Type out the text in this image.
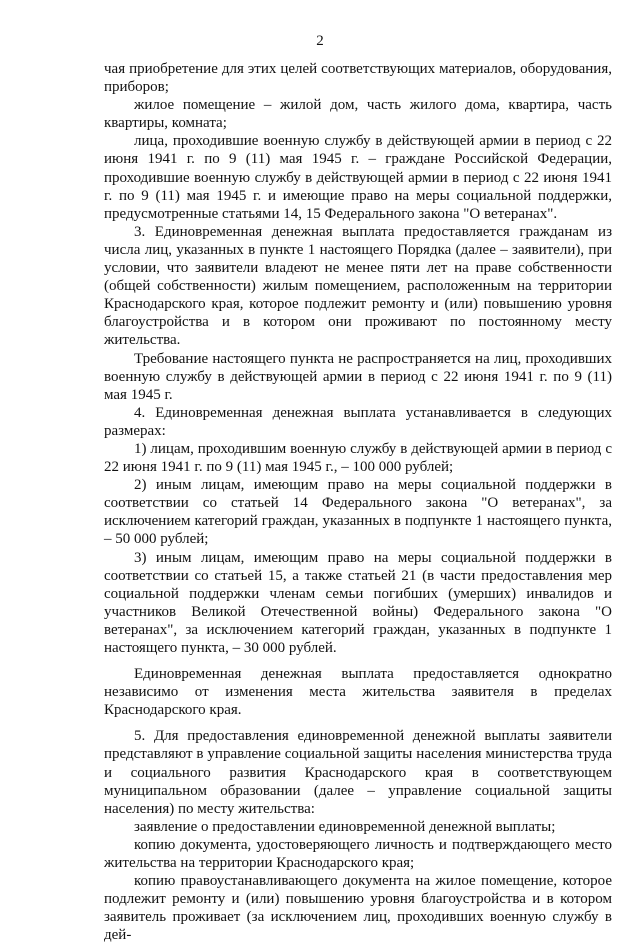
2

чая приобретение для этих целей соответствующих материалов, оборудования, приборов;

жилое помещение – жилой дом, часть жилого дома, квартира, часть квартиры, комната;

лица, проходившие военную службу в действующей армии в период с 22 июня 1941 г. по 9 (11) мая 1945 г. – граждане Российской Федерации, проходившие военную службу в действующей армии в период с 22 июня 1941 г. по 9 (11) мая 1945 г. и имеющие право на меры социальной поддержки, предусмотренные статьями 14, 15 Федерального закона "О ветеранах".

3. Единовременная денежная выплата предоставляется гражданам из числа лиц, указанных в пункте 1 настоящего Порядка (далее – заявители), при условии, что заявители владеют не менее пяти лет на праве собственности (общей собственности) жилым помещением, расположенным на территории Краснодарского края, которое подлежит ремонту и (или) повышению уровня благоустройства и в котором они проживают по постоянному месту жительства.

Требование настоящего пункта не распространяется на лиц, проходивших военную службу в действующей армии в период с 22 июня 1941 г. по 9 (11) мая 1945 г.

4. Единовременная денежная выплата устанавливается в следующих размерах:

1) лицам, проходившим военную службу в действующей армии в период с 22 июня 1941 г. по 9 (11) мая 1945 г., – 100 000 рублей;

2) иным лицам, имеющим право на меры социальной поддержки в соответствии со статьей 14 Федерального закона "О ветеранах", за исключением категорий граждан, указанных в подпункте 1 настоящего пункта, – 50 000 рублей;

3) иным лицам, имеющим право на меры социальной поддержки в соответствии со статьей 15, а также статьей 21 (в части предоставления мер социальной поддержки членам семьи погибших (умерших) инвалидов и участников Великой Отечественной войны) Федерального закона "О ветеранах", за исключением категорий граждан, указанных в подпункте 1 настоящего пункта, – 30 000 рублей.

Единовременная денежная выплата предоставляется однократно независимо от изменения места жительства заявителя в пределах Краснодарского края.

5. Для предоставления единовременной денежной выплаты заявители представляют в управление социальной защиты населения министерства труда и социального развития Краснодарского края в соответствующем муниципальном образовании (далее – управление социальной защиты населения) по месту жительства:

заявление о предоставлении единовременной денежной выплаты;

копию документа, удостоверяющего личность и подтверждающего место жительства на территории Краснодарского края;

копию правоустанавливающего документа на жилое помещение, которое подлежит ремонту и (или) повышению уровня благоустройства и в котором заявитель проживает (за исключением лиц, проходивших военную службу в дей-
